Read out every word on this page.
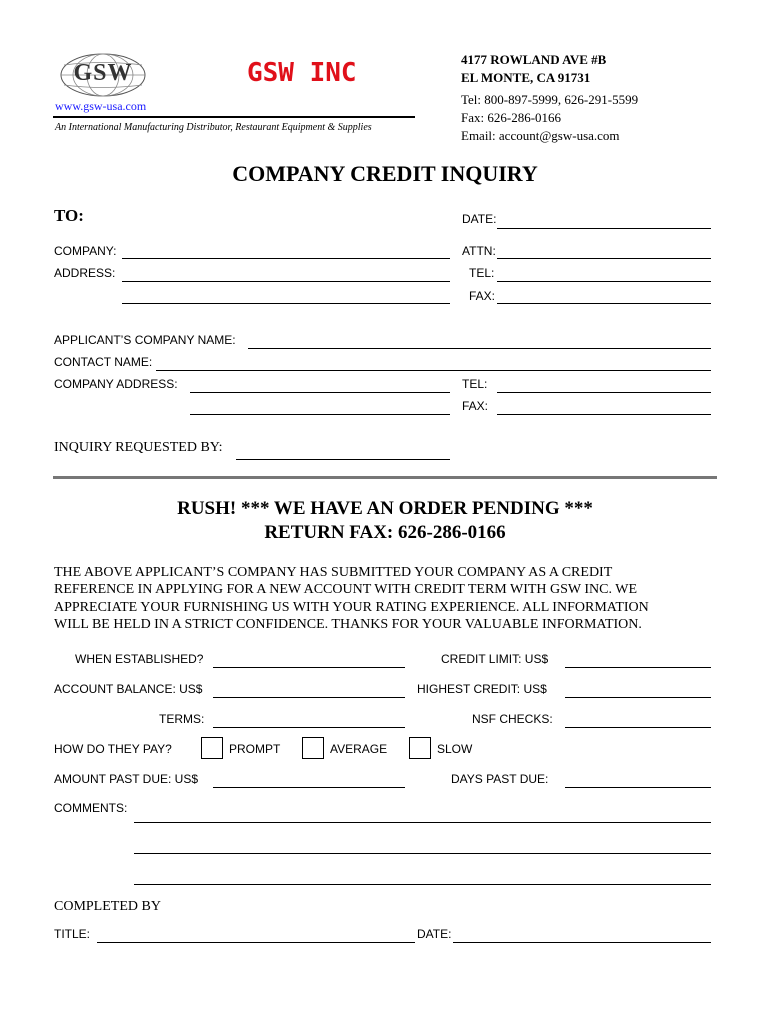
GSW	GSW INC
www.gsw-usa.com
An International Manufacturing Distributor, Restaurant Equipment & Supplies
4177 ROWLAND AVE #B
EL MONTE, CA 91731
Tel: 800-897-5999, 626-291-5599
Fax: 626-286-0166
Email: account@gsw-usa.com
COMPANY CREDIT INQUIRY
TO:	DATE:
COMPANY:	ATTN:
ADDRESS:	TEL:
FAX:
APPLICANT’S COMPANY NAME:
CONTACT NAME:
COMPANY ADDRESS:	TEL:
FAX:
INQUIRY REQUESTED BY:
RUSH! *** WE HAVE AN ORDER PENDING ***
RETURN FAX: 626-286-0166
THE ABOVE APPLICANT’S COMPANY HAS SUBMITTED YOUR COMPANY AS A CREDIT
REFERENCE IN APPLYING FOR A NEW ACCOUNT WITH CREDIT TERM WITH GSW INC. WE
APPRECIATE YOUR FURNISHING US WITH YOUR RATING EXPERIENCE. ALL INFORMATION
WILL BE HELD IN A STRICT CONFIDENCE. THANKS FOR YOUR VALUABLE INFORMATION.
WHEN ESTABLISHED?	CREDIT LIMIT: US$
ACCOUNT BALANCE: US$	HIGHEST CREDIT: US$
TERMS:	NSF CHECKS:
HOW DO THEY PAY?	PROMPT	AVERAGE	SLOW
AMOUNT PAST DUE: US$	DAYS PAST DUE:
COMMENTS:
COMPLETED BY
TITLE:	DATE:
